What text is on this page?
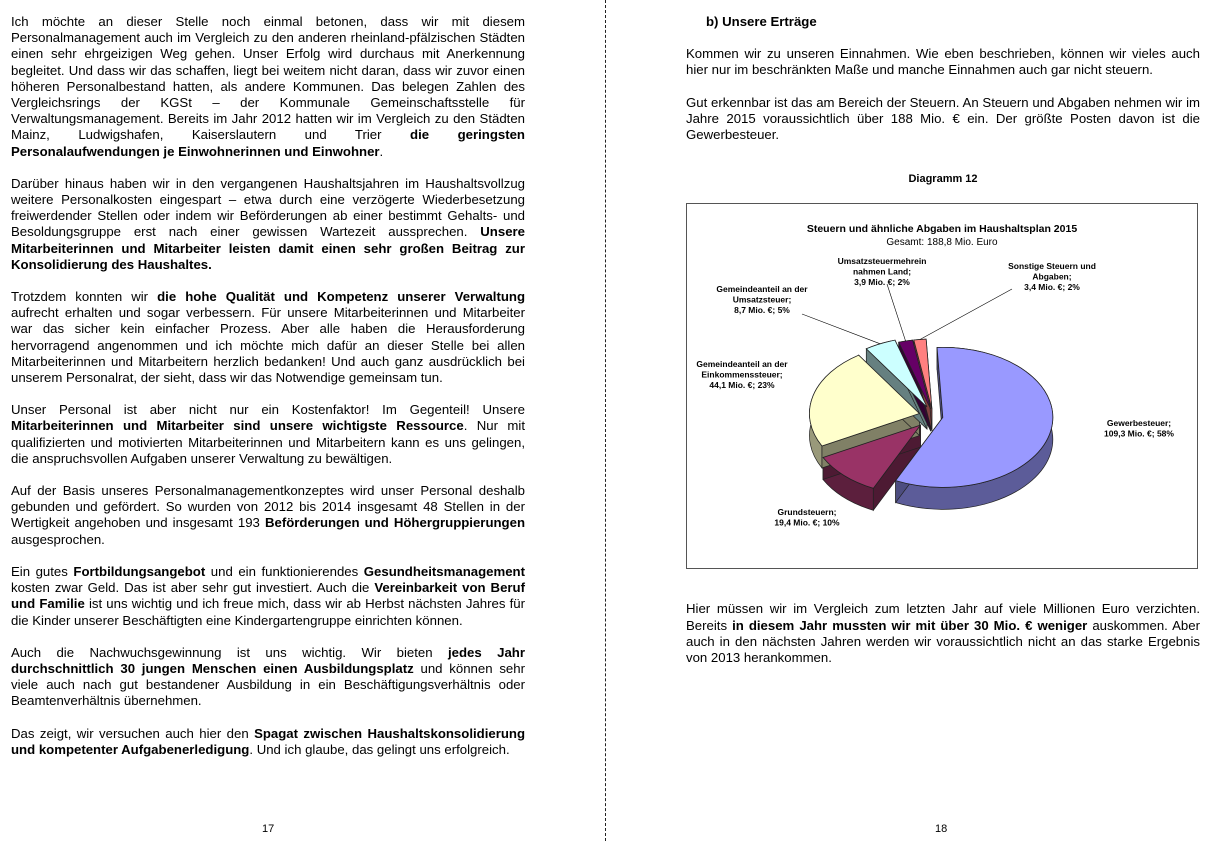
Ich möchte an dieser Stelle noch einmal betonen, dass wir mit diesem Personalmanagement auch im Vergleich zu den anderen rheinland-pfälzischen Städten einen sehr ehrgeizigen Weg gehen. Unser Erfolg wird durchaus mit Anerkennung begleitet. Und dass wir das schaffen, liegt bei weitem nicht daran, dass wir zuvor einen höheren Personalbestand hatten, als andere Kommunen. Das belegen Zahlen des Vergleichsrings der KGSt – der Kommunale Gemeinschaftsstelle für Verwaltungsmanagement. Bereits im Jahr 2012 hatten wir im Vergleich zu den Städten Mainz, Ludwigshafen, Kaiserslautern und Trier die geringsten Personalaufwendungen je Einwohnerinnen und Einwohner.

Darüber hinaus haben wir in den vergangenen Haushaltsjahren im Haushaltsvollzug weitere Personalkosten eingespart – etwa durch eine verzögerte Wiederbesetzung freiwerdender Stellen oder indem wir Beförderungen ab einer bestimmt Gehalts- und Besoldungsgruppe erst nach einer gewissen Wartezeit aussprechen. Unsere Mitarbeiterinnen und Mitarbeiter leisten damit einen sehr großen Beitrag zur Konsolidierung des Haushaltes.

Trotzdem konnten wir die hohe Qualität und Kompetenz unserer Verwaltung aufrecht erhalten und sogar verbessern. Für unsere Mitarbeiterinnen und Mitarbeiter war das sicher kein einfacher Prozess. Aber alle haben die Herausforderung hervorragend angenommen und ich möchte mich dafür an dieser Stelle bei allen Mitarbeiterinnen und Mitarbeitern herzlich bedanken! Und auch ganz ausdrücklich bei unserem Personalrat, der sieht, dass wir das Notwendige gemeinsam tun.

Unser Personal ist aber nicht nur ein Kostenfaktor! Im Gegenteil! Unsere Mitarbeiterinnen und Mitarbeiter sind unsere wichtigste Ressource. Nur mit qualifizierten und motivierten Mitarbeiterinnen und Mitarbeitern kann es uns gelingen, die anspruchsvollen Aufgaben unserer Verwaltung zu bewältigen.

Auf der Basis unseres Personalmanagementkonzeptes wird unser Personal deshalb gebunden und gefördert. So wurden von 2012 bis 2014 insgesamt 48 Stellen in der Wertigkeit angehoben und insgesamt 193 Beförderungen und Höhergruppierungen ausgesprochen.

Ein gutes Fortbildungsangebot und ein funktionierendes Gesundheitsmanagement kosten zwar Geld. Das ist aber sehr gut investiert. Auch die Vereinbarkeit von Beruf und Familie ist uns wichtig und ich freue mich, dass wir ab Herbst nächsten Jahres für die Kinder unserer Beschäftigten eine Kindergartengruppe einrichten können.

Auch die Nachwuchsgewinnung ist uns wichtig. Wir bieten jedes Jahr durchschnittlich 30 jungen Menschen einen Ausbildungsplatz und können sehr viele auch nach gut bestandener Ausbildung in ein Beschäftigungsverhältnis oder Beamtenverhältnis übernehmen.

Das zeigt, wir versuchen auch hier den Spagat zwischen Haushaltskonsolidierung und kompetenter Aufgabenerledigung. Und ich glaube, das gelingt uns erfolgreich.

17
b) Unsere Erträge

Kommen wir zu unseren Einnahmen. Wie eben beschrieben, können wir vieles auch hier nur im beschränkten Maße und manche Einnahmen auch gar nicht steuern.

Gut erkennbar ist das am Bereich der Steuern. An Steuern und Abgaben nehmen wir im Jahre 2015 voraussichtlich über 188 Mio. € ein. Der größte Posten davon ist die Gewerbesteuer.

Diagramm 12
Steuern und ähnliche Abgaben im Haushaltsplan 2015
Gesamt: 188,8 Mio. Euro
Gewerbesteuer; 109,3 Mio. €; 58%
Grundsteuern; 19,4 Mio. €; 10%
Gemeindeanteil an der Einkommenssteuer; 44,1 Mio. €; 23%
Gemeindeanteil an der Umsatzsteuer; 8,7 Mio. €; 5%
Umsatzsteuermehrein nahmen Land; 3,9 Mio. €; 2%
Sonstige Steuern und Abgaben; 3,4 Mio. €; 2%

Hier müssen wir im Vergleich zum letzten Jahr auf viele Millionen Euro verzichten. Bereits in diesem Jahr mussten wir mit über 30 Mio. € weniger auskommen. Aber auch in den nächsten Jahren werden wir voraussichtlich nicht an das starke Ergebnis von 2013 herankommen.

18
